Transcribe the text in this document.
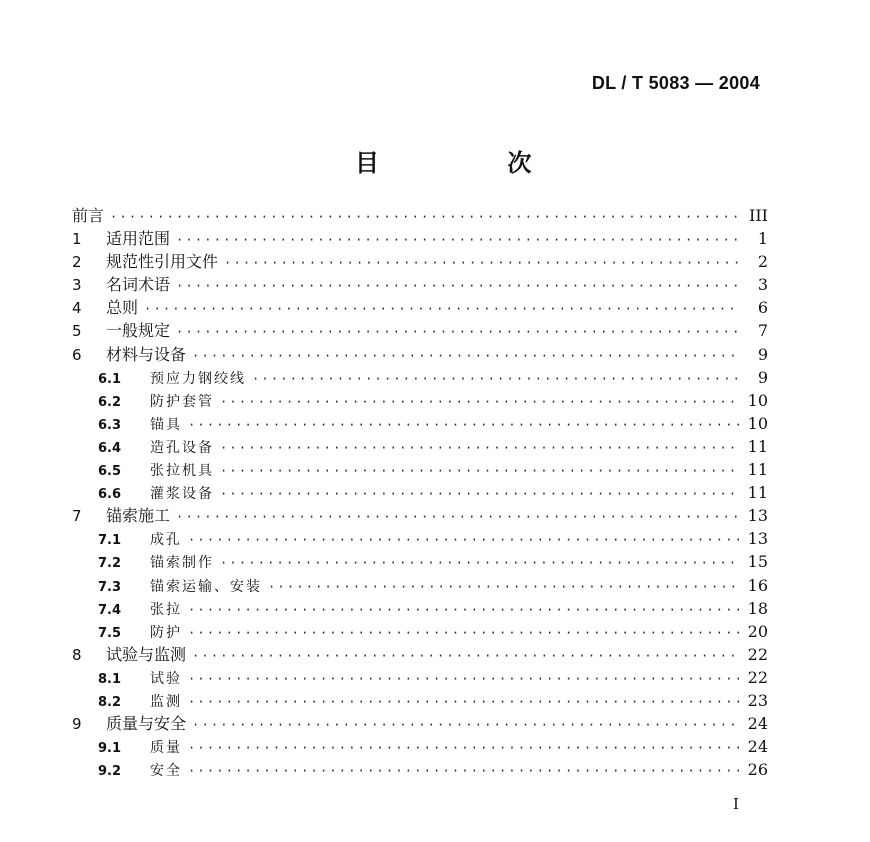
DL / T 5083 — 2004
目 次
前言 ·····	III
1	适用范围 ·····	1
2	规范性引用文件 ·····	2
3	名词术语 ·····	3
4	总则 ·····	6
5	一般规定 ·····	7
6	材料与设备 ·····	9
6.1	预应力钢绞线 ·····	9
6.2	防护套管 ·····	10
6.3	锚具 ·····	10
6.4	造孔设备 ·····	11
6.5	张拉机具 ·····	11
6.6	灌浆设备 ·····	11
7	锚索施工 ·····	13
7.1	成孔 ·····	13
7.2	锚索制作 ·····	15
7.3	锚索运输、安装 ·····	16
7.4	张拉 ·····	18
7.5	防护 ·····	20
8	试验与监测 ·····	22
8.1	试验 ·····	22
8.2	监测 ·····	23
9	质量与安全 ·····	24
9.1	质量 ·····	24
9.2	安全 ·····	26
I
